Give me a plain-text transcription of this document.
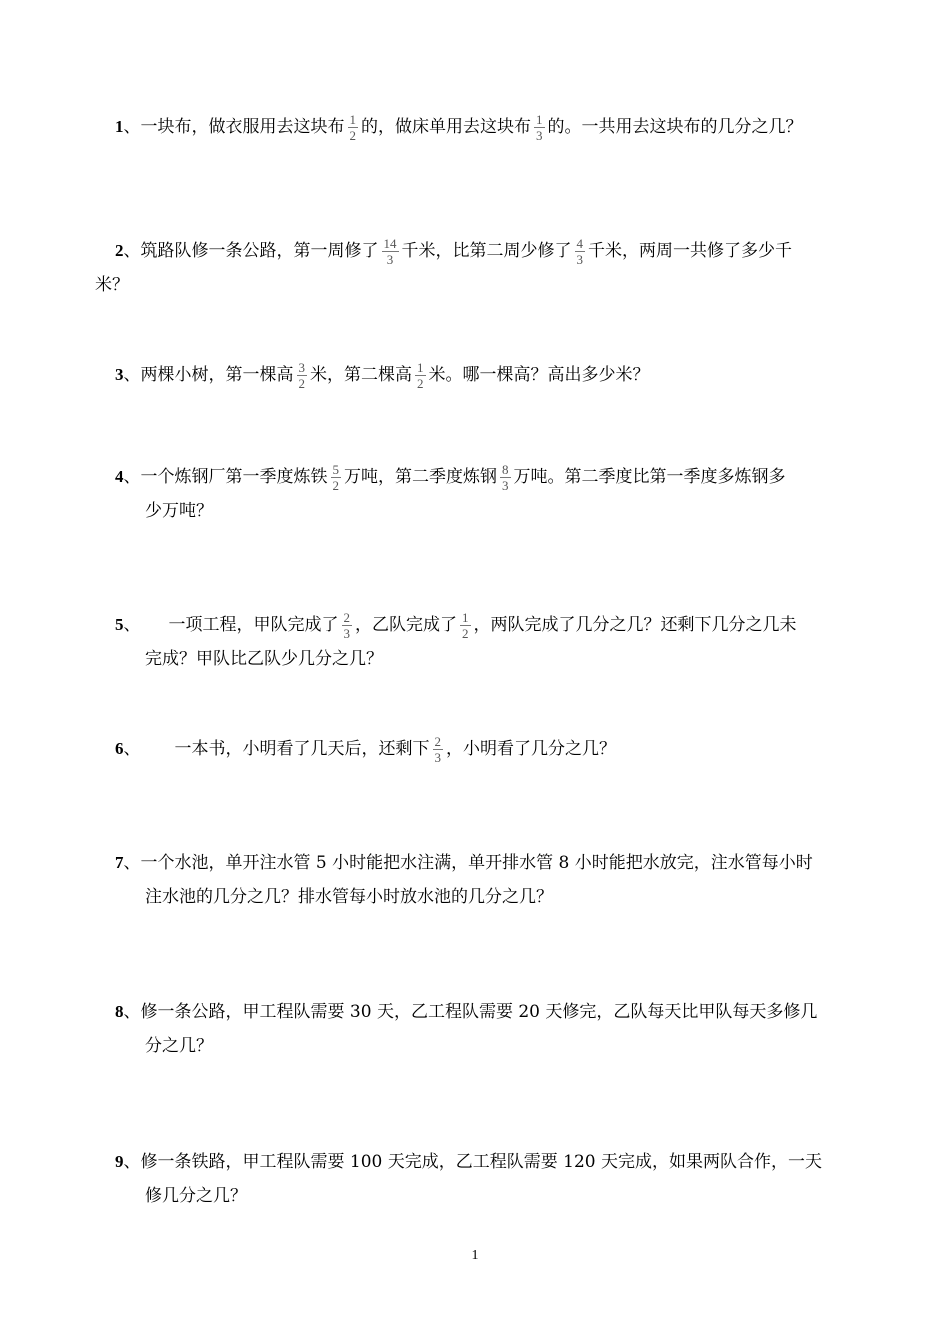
1、一块布，做衣服用去这块布 $\frac{1}{2}$ 的，做床单用去这块布 $\frac{1}{3}$ 的。一共用去这块布的几分之几？
2、筑路队修一条公路，第一周修了 $\frac{14}{3}$ 千米，比第二周少修了 $\frac{4}{3}$ 千米，两周一共修了多少千
米？
3、两棵小树，第一棵高 $\frac{3}{2}$ 米，第二棵高 $\frac{1}{2}$ 米。哪一棵高？高出多少米？
4、一个炼钢厂第一季度炼铁 $\frac{5}{2}$ 万吨，第二季度炼钢 $\frac{8}{3}$ 万吨。第二季度比第一季度多炼钢多
少万吨？
5、 一项工程，甲队完成了 $\frac{2}{3}$ ，乙队完成了 $\frac{1}{2}$ ，两队完成了几分之几？还剩下几分之几未
完成？甲队比乙队少几分之几？
6、 一本书，小明看了几天后，还剩下 $\frac{2}{3}$ ，小明看了几分之几？
7、一个水池，单开注水管 5 小时能把水注满，单开排水管 8 小时能把水放完，注水管每小时
注水池的几分之几？排水管每小时放水池的几分之几？
8、修一条公路，甲工程队需要 30 天，乙工程队需要 20 天修完，乙队每天比甲队每天多修几
分之几？
9、修一条铁路，甲工程队需要 100 天完成，乙工程队需要 120 天完成，如果两队合作，一天
修几分之几？
1
